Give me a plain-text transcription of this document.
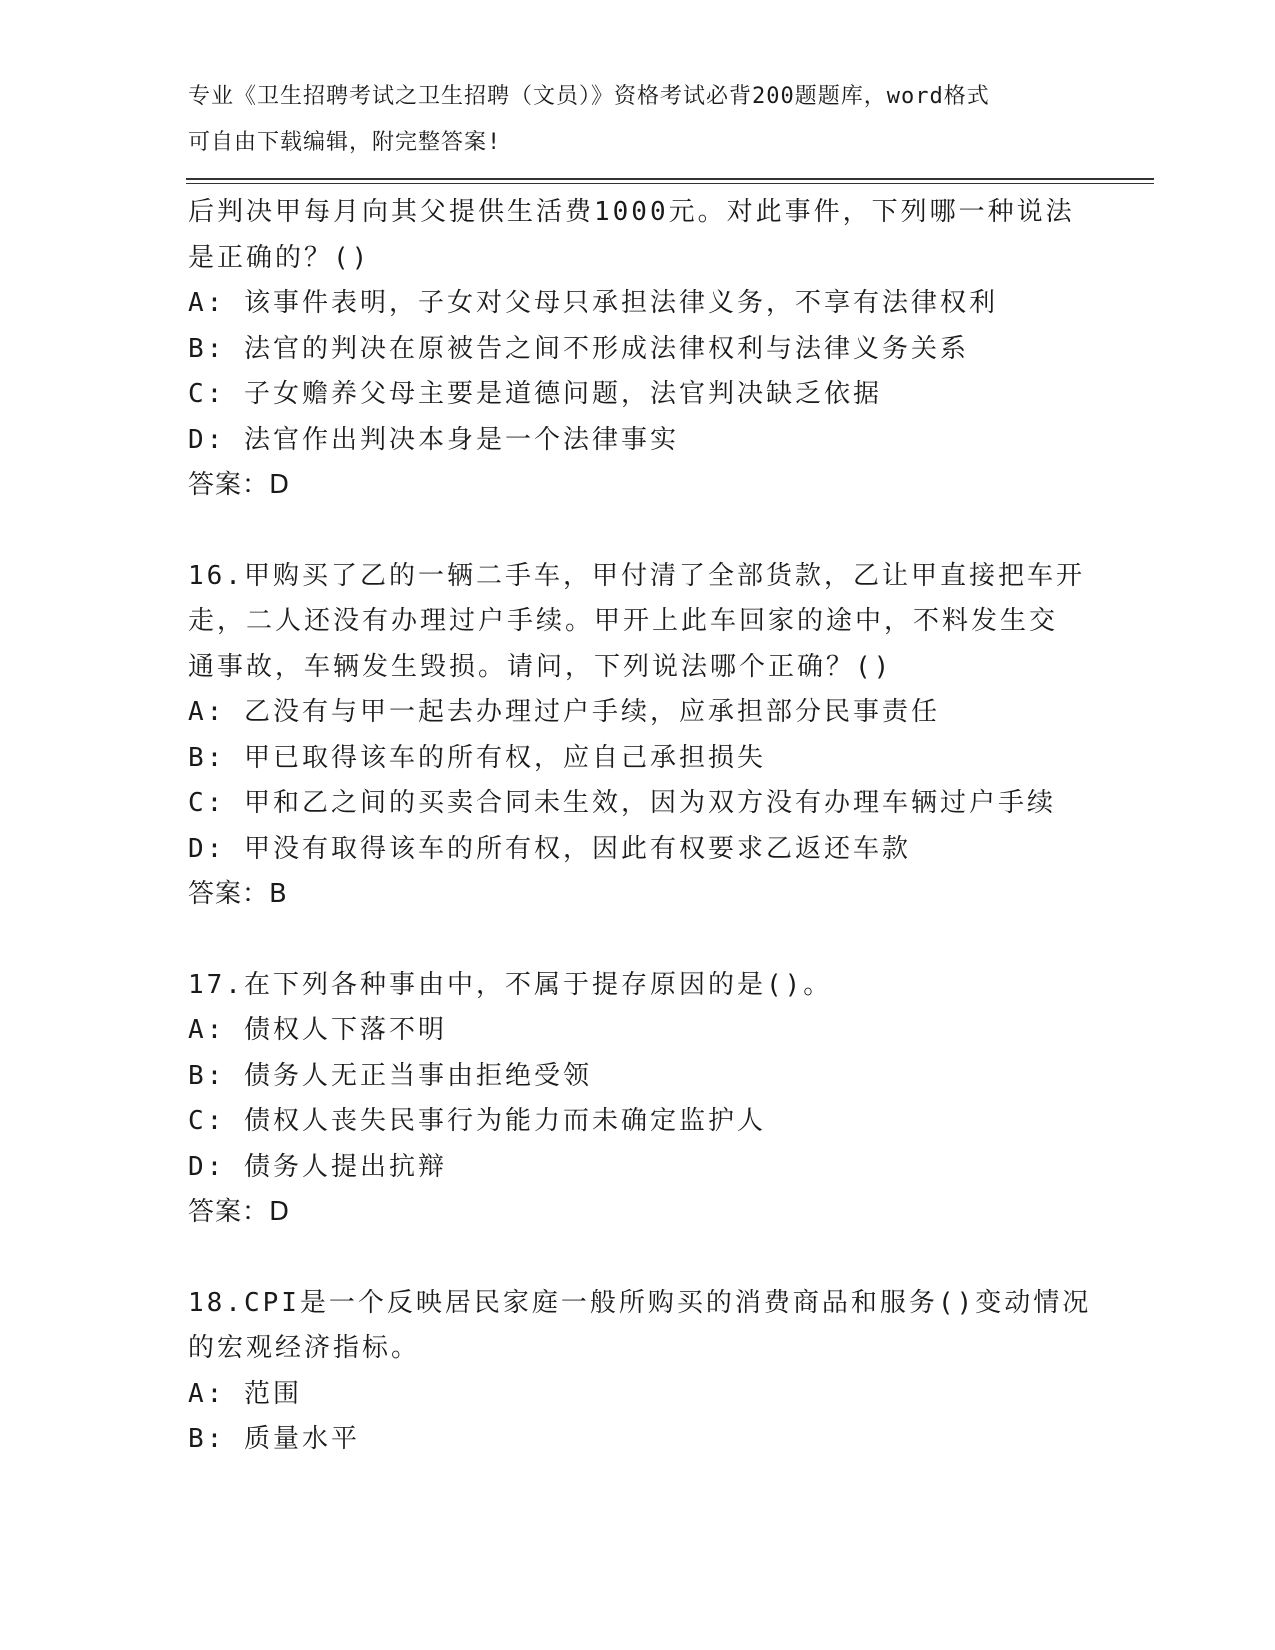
专业《卫生招聘考试之卫生招聘（文员）》资格考试必背200题题库，word格式
可自由下载编辑，附完整答案!
后判决甲每月向其父提供生活费1000元。对此事件，下列哪一种说法
是正确的？()
A: 该事件表明，子女对父母只承担法律义务，不享有法律权利
B: 法官的判决在原被告之间不形成法律权利与法律义务关系
C: 子女赡养父母主要是道德问题，法官判决缺乏依据
D: 法官作出判决本身是一个法律事实
答案：D
16.甲购买了乙的一辆二手车，甲付清了全部货款，乙让甲直接把车开
走，二人还没有办理过户手续。甲开上此车回家的途中，不料发生交
通事故，车辆发生毁损。请问，下列说法哪个正确？()
A: 乙没有与甲一起去办理过户手续，应承担部分民事责任
B: 甲已取得该车的所有权，应自己承担损失
C: 甲和乙之间的买卖合同未生效，因为双方没有办理车辆过户手续
D: 甲没有取得该车的所有权，因此有权要求乙返还车款
答案：B
17.在下列各种事由中，不属于提存原因的是()。
A: 债权人下落不明
B: 债务人无正当事由拒绝受领
C: 债权人丧失民事行为能力而未确定监护人
D: 债务人提出抗辩
答案：D
18.CPI是一个反映居民家庭一般所购买的消费商品和服务()变动情况
的宏观经济指标。
A: 范围
B: 质量水平
